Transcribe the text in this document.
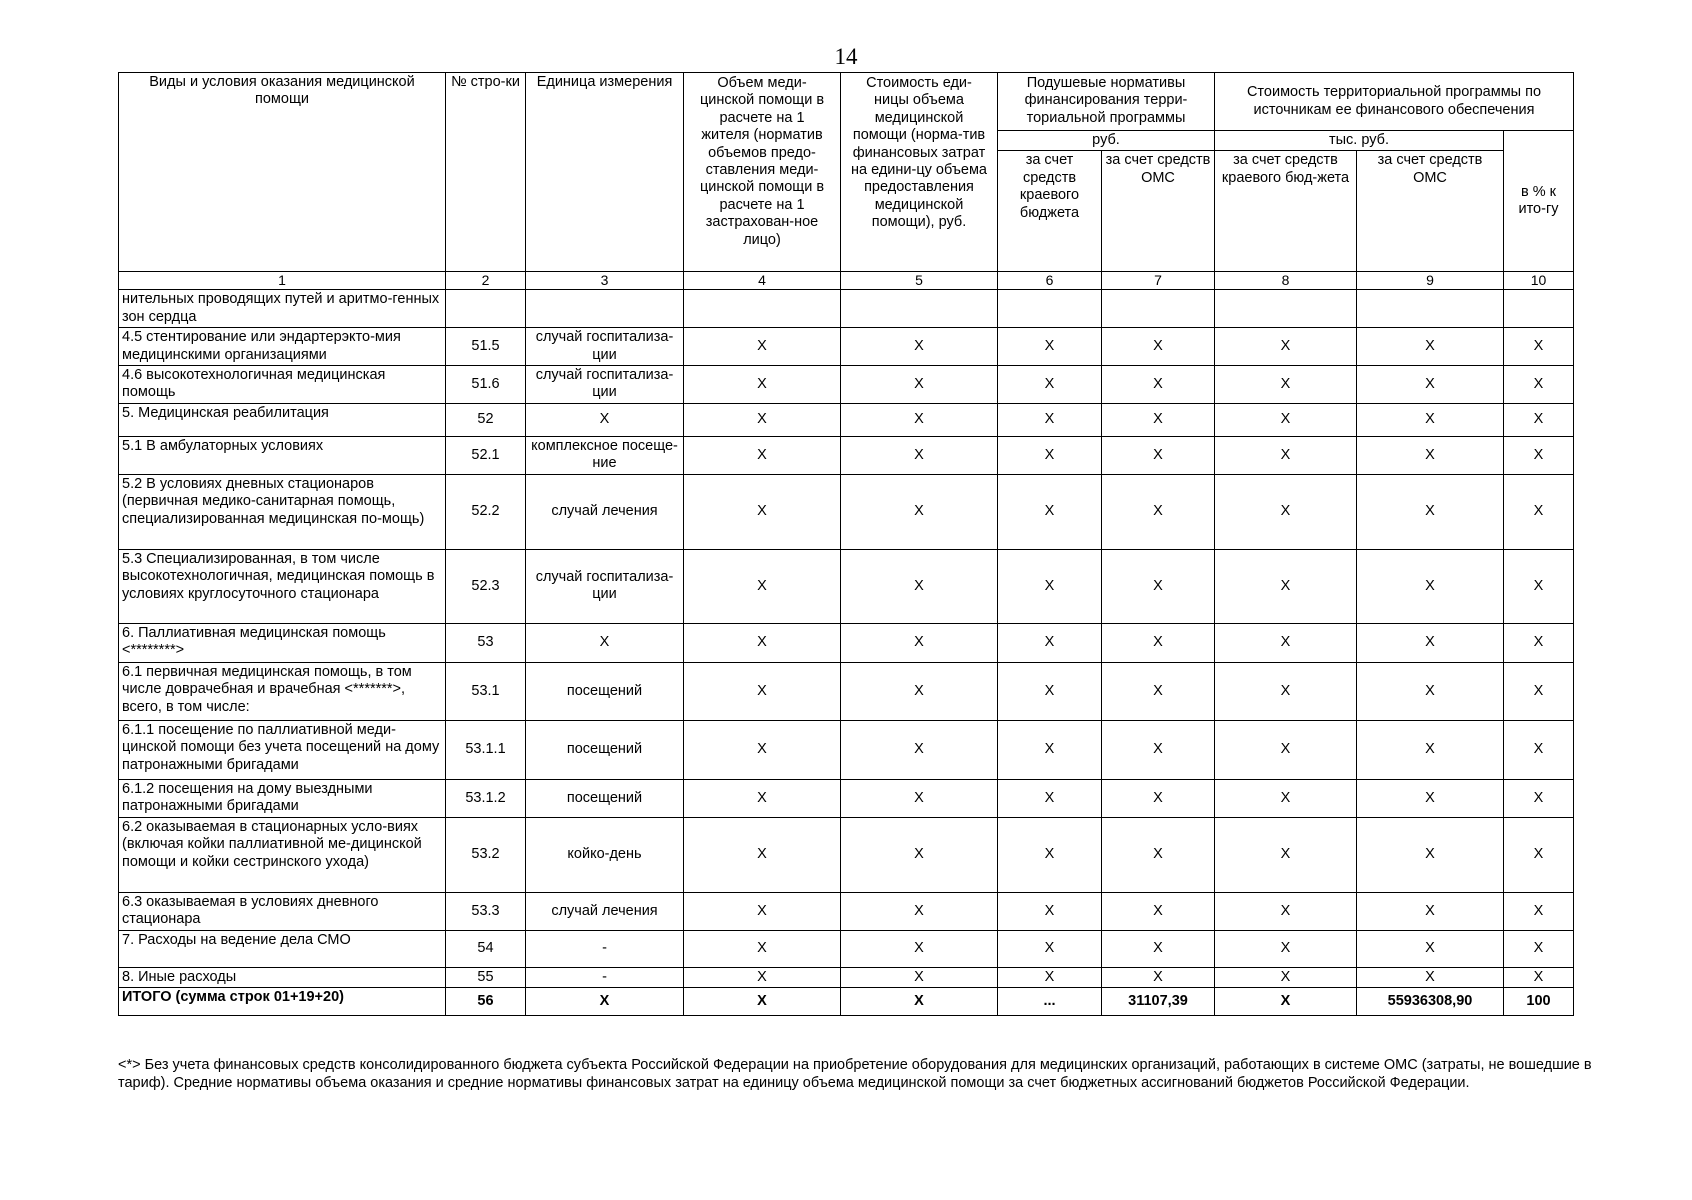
14
Виды и условия оказания медицинской помощи	№ стро-ки	Единица измерения	Объем меди-цинской помощи в расчете на 1 жителя (норматив объемов предо-ставления меди-цинской помощи в расчете на 1 застрахован-ное лицо)	Стоимость еди-ницы объема медицинской помощи (норма-тив финансовых затрат на едини-цу объема предоставления медицинской помощи), руб.	Подушевые нормативы финансирования терри-ториальной программы		Стоимость территориальной программы по источникам ее финансового обеспечения		
					руб.		тыс. руб.		в % к ито-гу
					за счет средств краевого бюджета	за счет средств ОМС	за счет средств краевого бюд-жета	за счет средств ОМС	
1	2	3	4	5	6	7	8	9	10
нительных проводящих путей и аритмо-генных зон сердца									
4.5 стентирование или эндартерэкто-мия медицинскими организациями	51.5	случай госпитализа-ции	Х	Х	Х	Х	Х	Х	Х
4.6 высокотехнологичная медицинская помощь	51.6	случай госпитализа-ции	Х	Х	Х	Х	Х	Х	Х
5. Медицинская реабилитация	52	Х	Х	Х	Х	Х	Х	Х	Х
5.1 В амбулаторных условиях	52.1	комплексное посеще-ние	Х	Х	Х	Х	Х	Х	Х
5.2 В условиях дневных стационаров (первичная медико-санитарная помощь, специализированная медицинская по-мощь)	52.2	случай лечения	Х	Х	Х	Х	Х	Х	Х
5.3 Специализированная, в том числе высокотехнологичная, медицинская помощь в условиях круглосуточного стационара	52.3	случай госпитализа-ции	Х	Х	Х	Х	Х	Х	Х
6. Паллиативная медицинская помощь <********>	53	Х	Х	Х	Х	Х	Х	Х	Х
6.1 первичная медицинская помощь, в том числе доврачебная и врачебная <*******>, всего, в том числе:	53.1	посещений	Х	Х	Х	Х	Х	Х	Х
6.1.1 посещение по паллиативной меди-цинской помощи без учета посещений на дому патронажными бригадами	53.1.1	посещений	Х	Х	Х	Х	Х	Х	Х
6.1.2 посещения на дому выездными патронажными бригадами	53.1.2	посещений	Х	Х	Х	Х	Х	Х	Х
6.2 оказываемая в стационарных усло-виях (включая койки паллиативной ме-дицинской помощи и койки сестринского ухода)	53.2	койко-день	Х	Х	Х	Х	Х	Х	Х
6.3 оказываемая в условиях дневного стационара	53.3	случай лечения	Х	Х	Х	Х	Х	Х	Х
7. Расходы на ведение дела СМО	54	-	Х	Х	Х	Х	Х	Х	Х
8. Иные расходы	55	-	Х	Х	Х	Х	Х	Х	Х
ИТОГО (сумма строк 01+19+20)	56	Х	Х	Х	...	31107,39	Х	55936308,90	100

<*> Без учета финансовых средств консолидированного бюджета субъекта Российской Федерации на приобретение оборудования для медицинских организаций, работающих в системе ОМС (затраты, не вошедшие в тариф). Средние нормативы объема оказания и средние нормативы финансовых затрат на единицу объема медицинской помощи за счет бюджетных ассигнований бюджетов Российской Федерации.
